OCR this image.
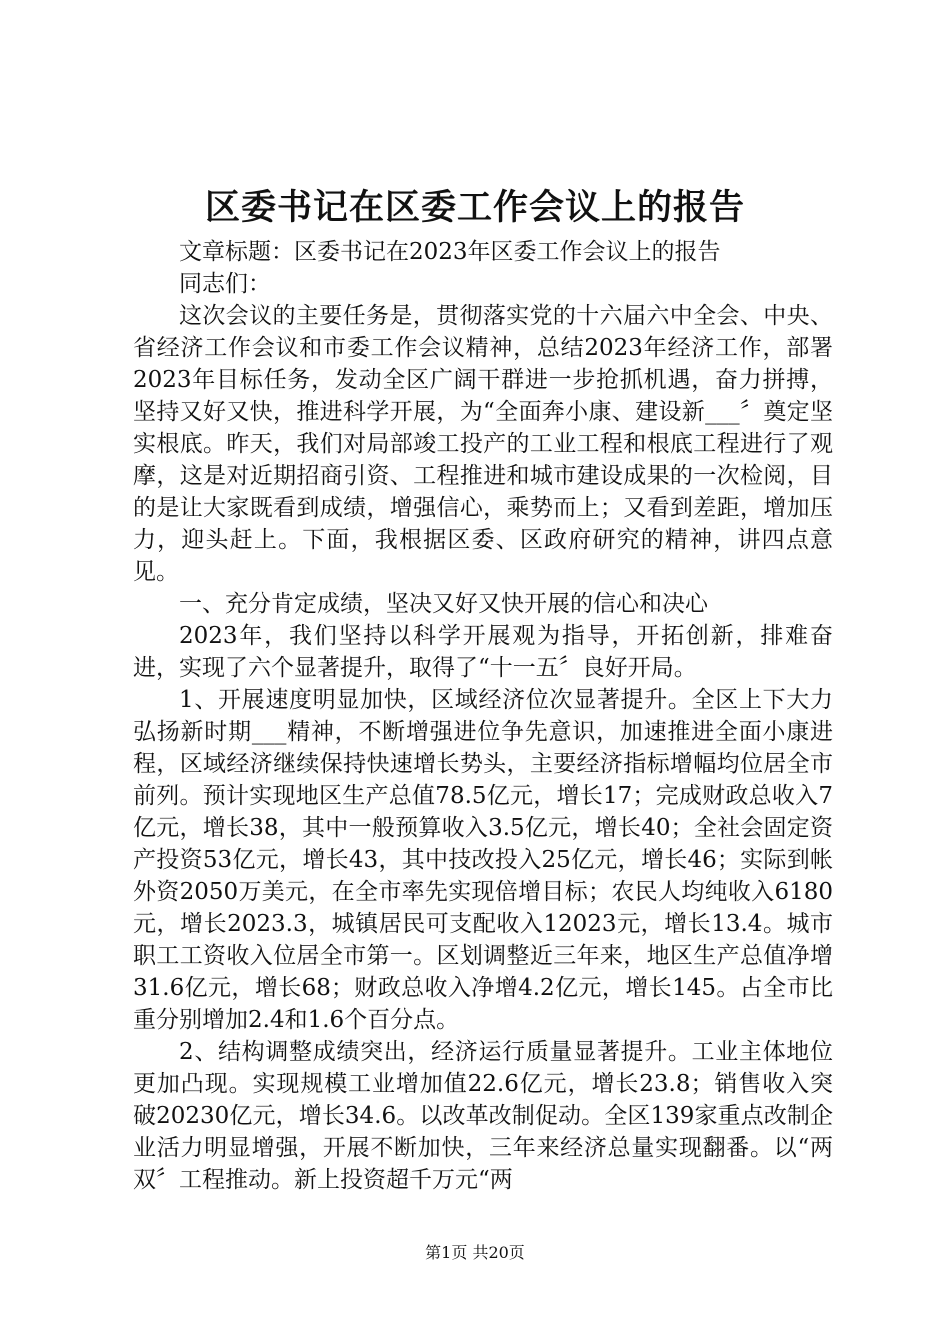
区委书记在区委工作会议上的报告

文章标题：区委书记在2023年区委工作会议上的报告

同志们：

这次会议的主要任务是，贯彻落实党的十六届六中全会、中央、省经济工作会议和市委工作会议精神，总结2023年经济工作，部署2023年目标任务，发动全区广阔干群进一步抢抓机遇，奋力拼搏，坚持又好又快，推进科学开展，为“全面奔小康、建设新___〞奠定坚实根底。昨天，我们对局部竣工投产的工业工程和根底工程进行了观摩，这是对近期招商引资、工程推进和城市建设成果的一次检阅，目的是让大家既看到成绩，增强信心，乘势而上；又看到差距，增加压力，迎头赶上。下面，我根据区委、区政府研究的精神，讲四点意见。

一、充分肯定成绩，坚决又好又快开展的信心和决心

2023年，我们坚持以科学开展观为指导，开拓创新，排难奋进，实现了六个显著提升，取得了“十一五〞良好开局。

1、开展速度明显加快，区域经济位次显著提升。全区上下大力弘扬新时期___精神，不断增强进位争先意识，加速推进全面小康进程，区域经济继续保持快速增长势头，主要经济指标增幅均位居全市前列。预计实现地区生产总值78.5亿元，增长17；完成财政总收入7亿元，增长38，其中一般预算收入3.5亿元，增长40；全社会固定资产投资53亿元，增长43，其中技改投入25亿元，增长46；实际到帐外资2050万美元，在全市率先实现倍增目标；农民人均纯收入6180元，增长2023.3，城镇居民可支配收入12023元，增长13.4。城市职工工资收入位居全市第一。区划调整近三年来，地区生产总值净增31.6亿元，增长68；财政总收入净增4.2亿元，增长145。占全市比重分别增加2.4和1.6个百分点。

2、结构调整成绩突出，经济运行质量显著提升。工业主体地位更加凸现。实现规模工业增加值22.6亿元，增长23.8；销售收入突破20230亿元，增长34.6。以改革改制促动。全区139家重点改制企业活力明显增强，开展不断加快，三年来经济总量实现翻番。以“两双〞工程推动。新上投资超千万元“两

第1页 共20页
